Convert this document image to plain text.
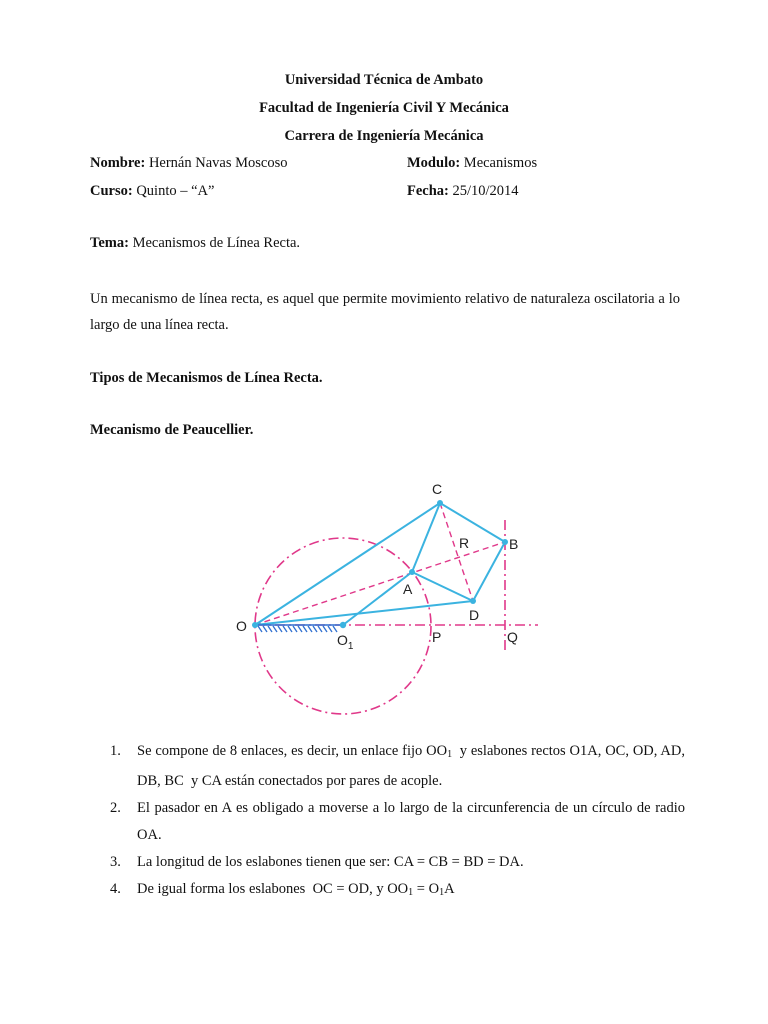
Universidad Técnica de Ambato
Facultad de Ingeniería Civil Y Mecánica
Carrera de Ingeniería Mecánica
Nombre: Hernán Navas Moscoso	Modulo: Mecanismos
Curso: Quinto – “A”	Fecha: 25/10/2014
Tema: Mecanismos de Línea Recta.
Un mecanismo de línea recta, es aquel que permite movimiento relativo de naturaleza oscilatoria a lo largo de una línea recta.
Tipos de Mecanismos de Línea Recta.
Mecanismo de Peaucellier.
C
B
R
A
D
O
$O_1$
P	Q
1. Se compone de 8 enlaces, es decir, un enlace fijo $OO_1$  y eslabones rectos O1A, OC, OD, AD, DB, BC  y CA están conectados por pares de acople.
2. El pasador en A es obligado a moverse a lo largo de la circunferencia de un círculo de radio OA.
3. La longitud de los eslabones tienen que ser: CA = CB = BD = DA.
4. De igual forma los eslabones  OC = OD, y $OO_1 = O_1A$
